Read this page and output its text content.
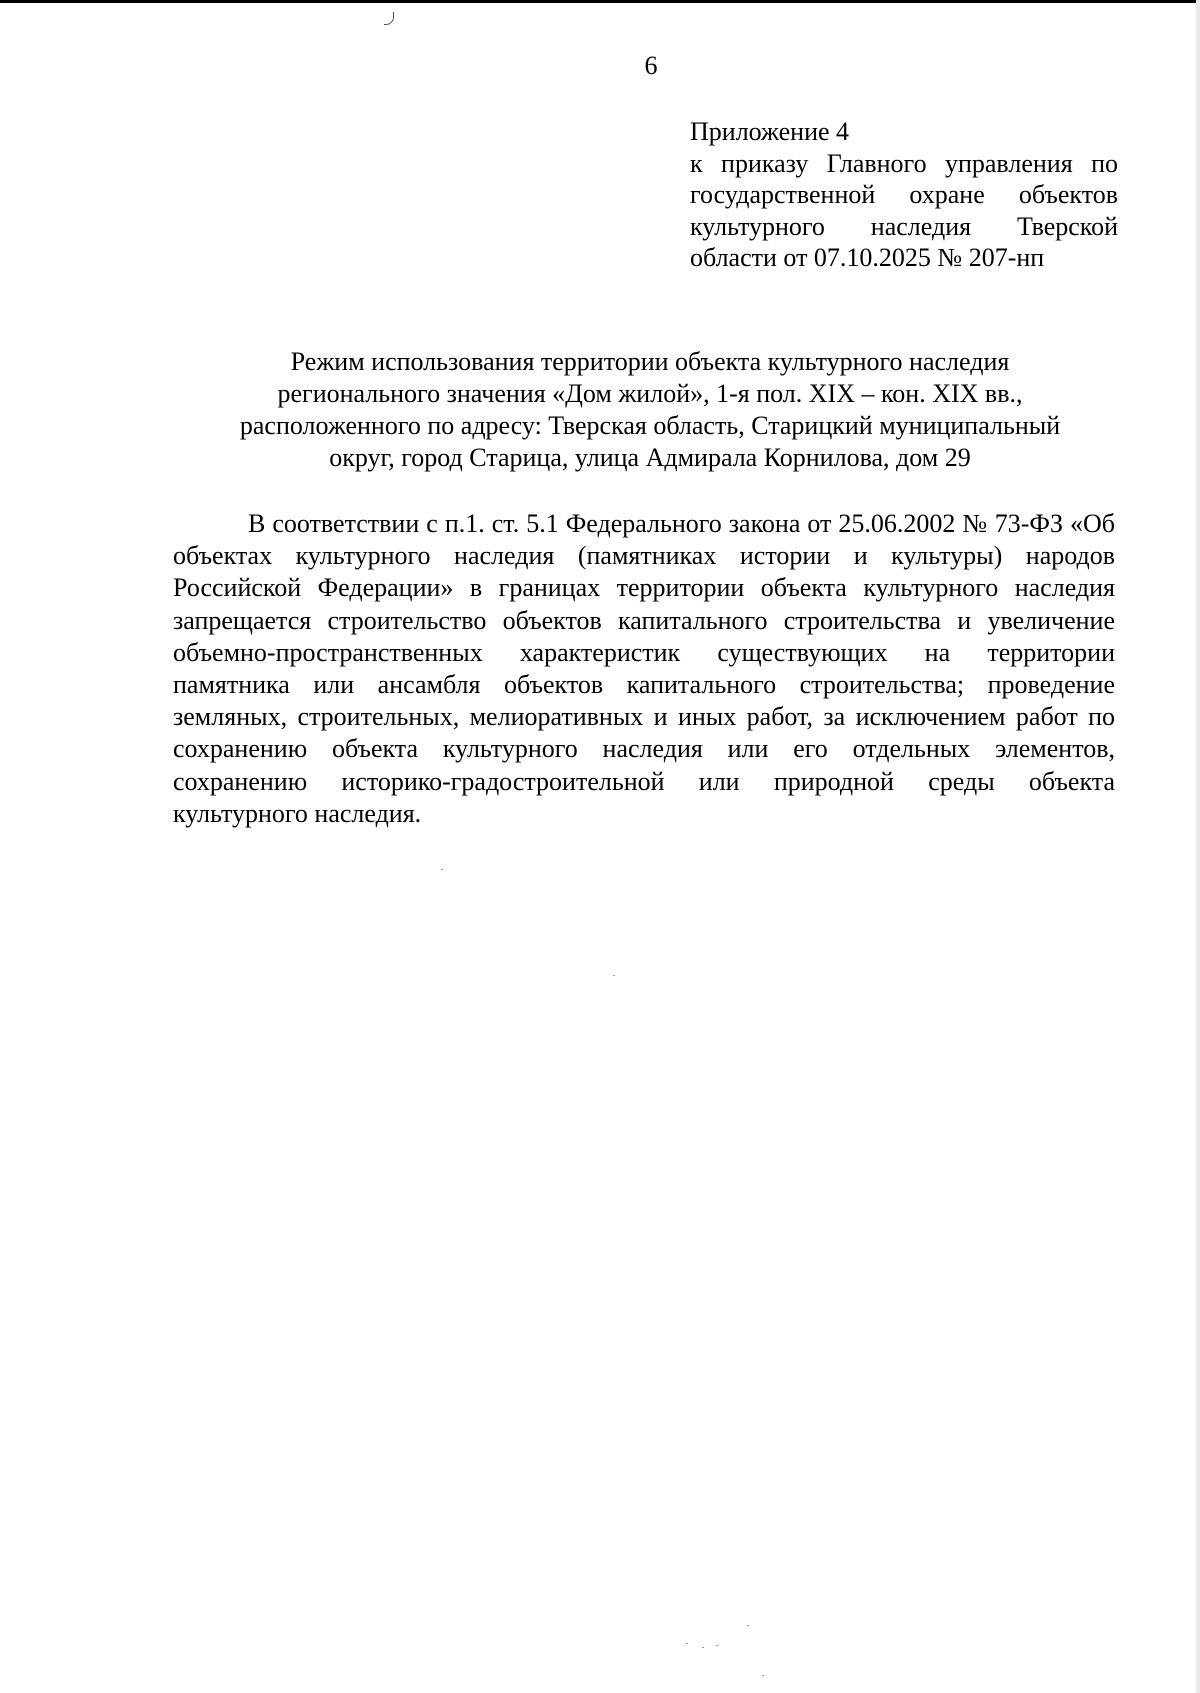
6
Приложение 4
к приказу Главного управления по государственной охране объектов культурного наследия Тверской области от 07.10.2025 № 207-нп
Режим использования территории объекта культурного наследия
регионального значения «Дом жилой», 1-я пол. XIX – кон. XIX вв.,
расположенного по адресу: Тверская область, Старицкий муниципальный
округ, город Старица, улица Адмирала Корнилова, дом 29

В соответствии с п.1. ст. 5.1 Федерального закона от 25.06.2002 № 73-ФЗ «Об объектах культурного наследия (памятниках истории и культуры) народов Российской Федерации» в границах территории объекта культурного наследия запрещается строительство объектов капитального строительства и увеличение объемно-пространственных характеристик существующих на территории памятника или ансамбля объектов капитального строительства; проведение земляных, строительных, мелиоративных и иных работ, за исключением работ по сохранению объекта культурного наследия или его отдельных элементов, сохранению историко-градостроительной или природной среды объекта культурного наследия.
